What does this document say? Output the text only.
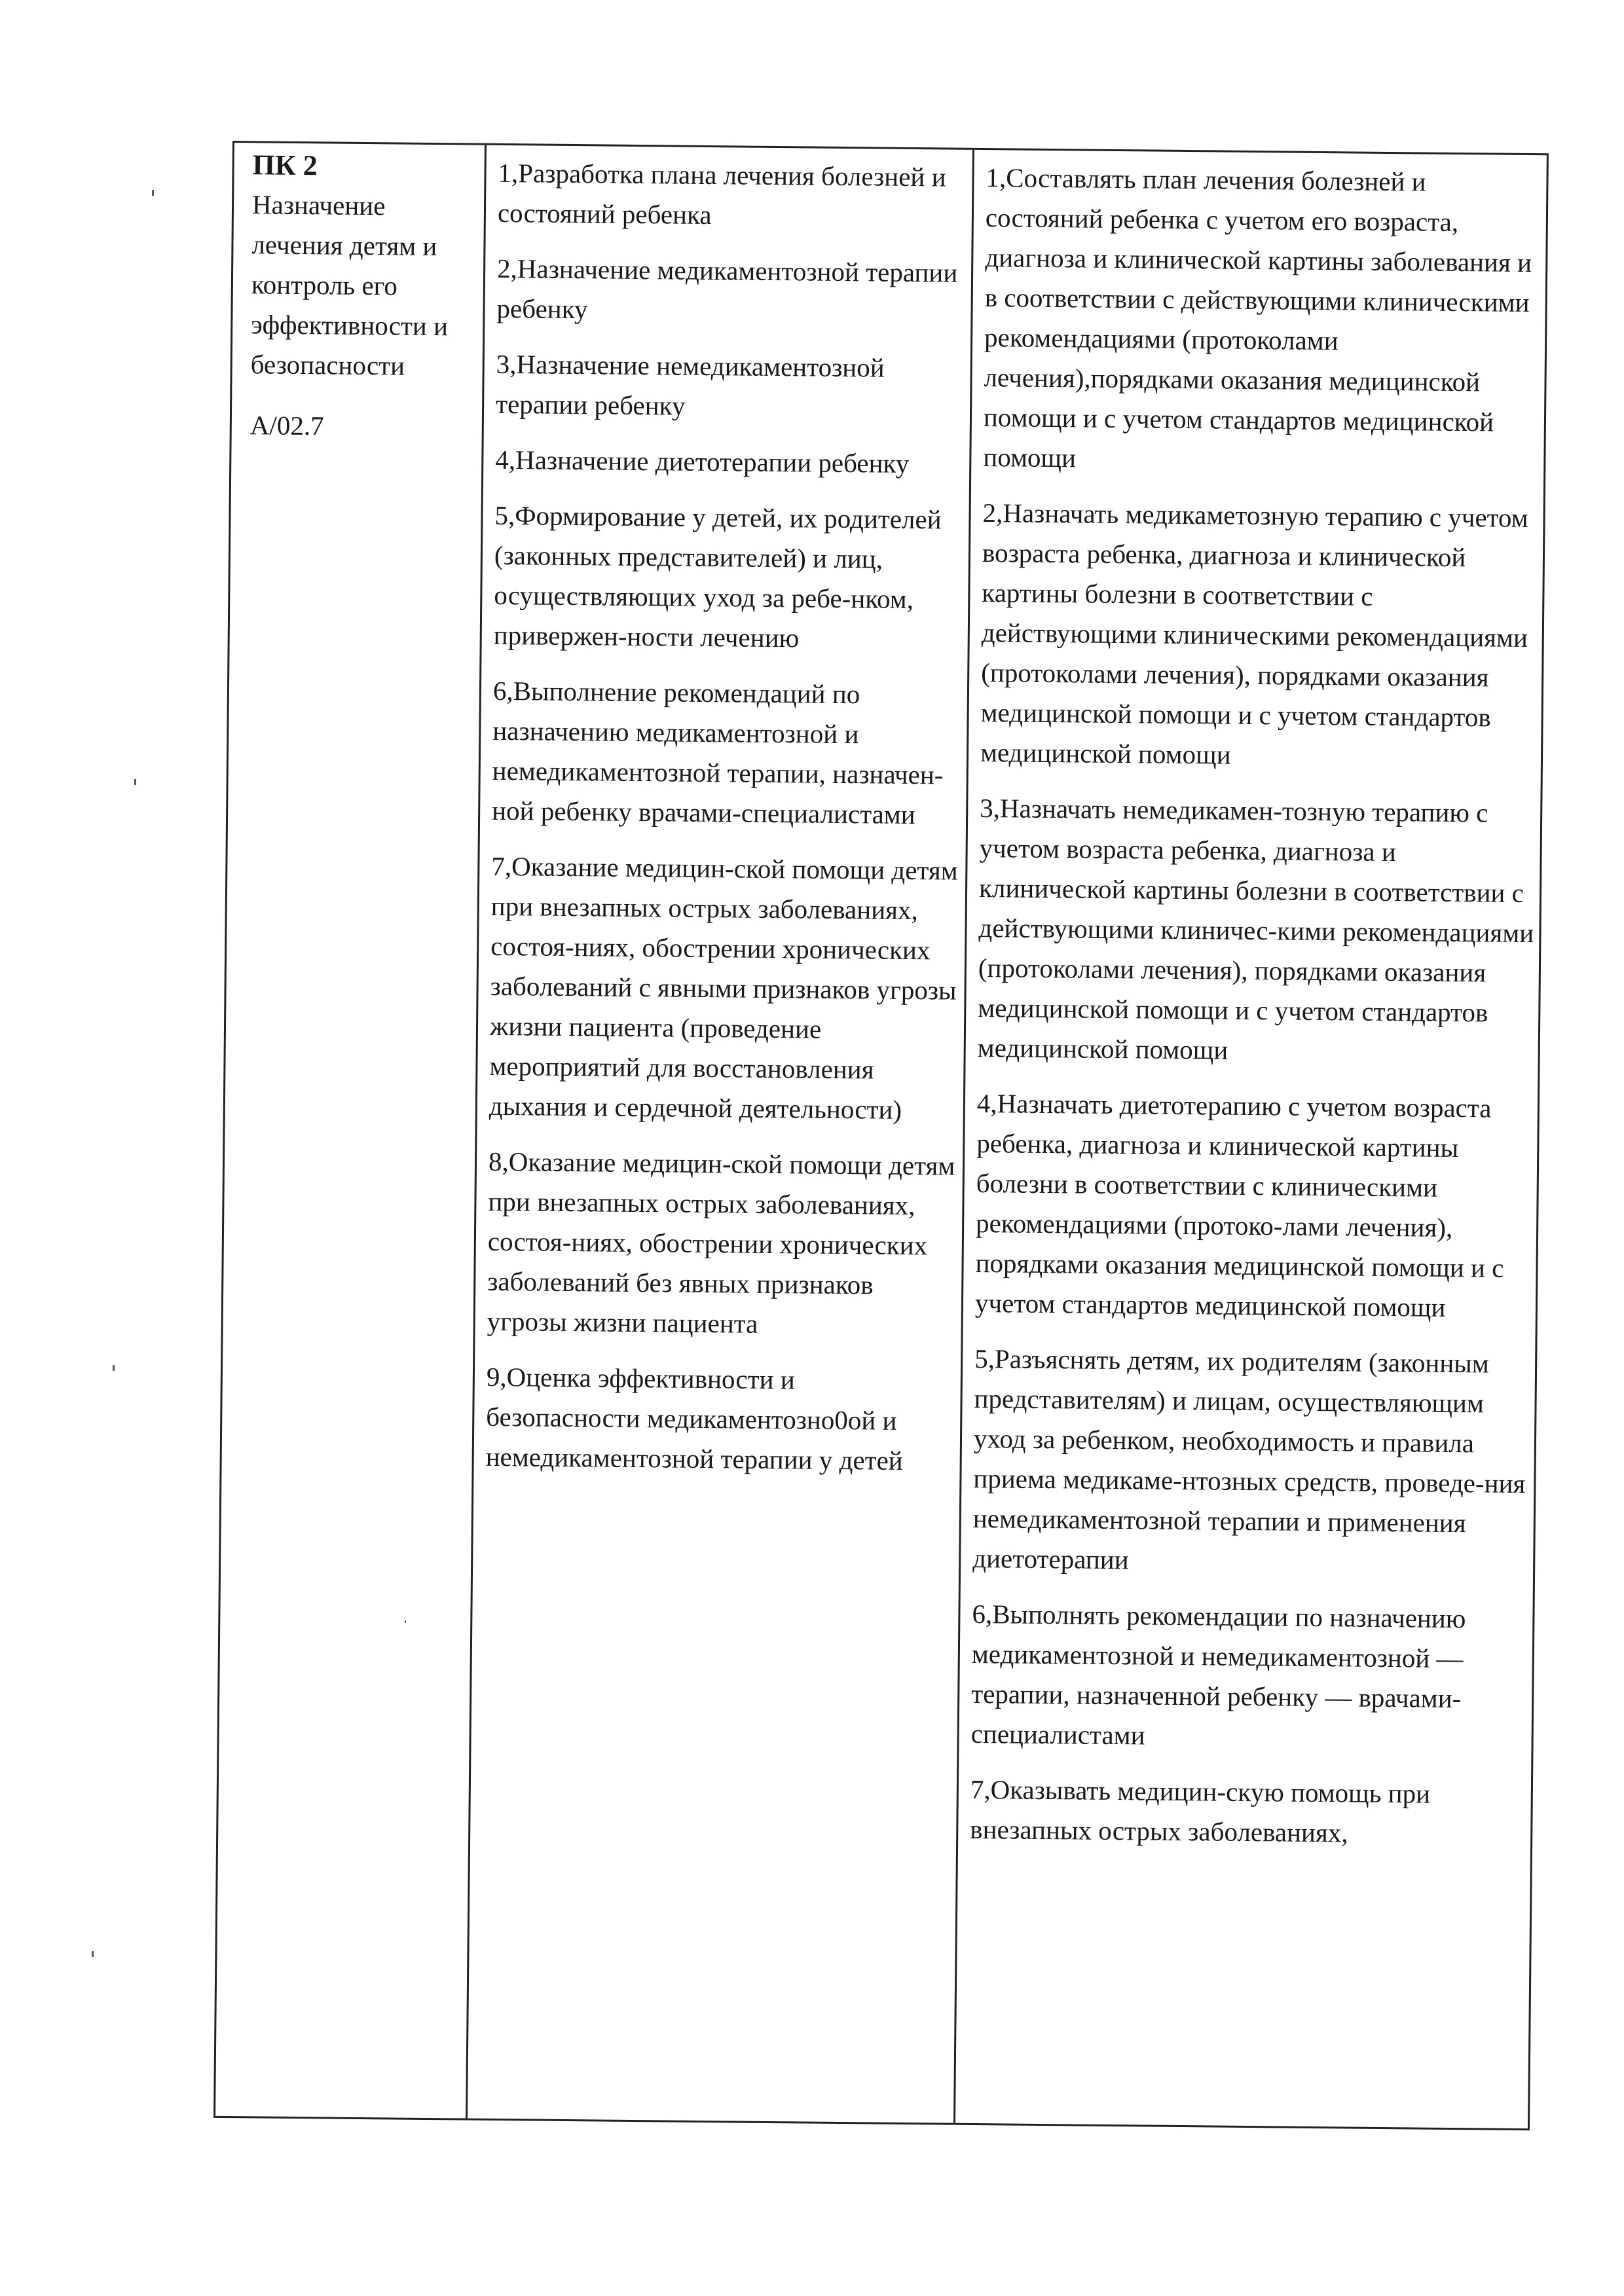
ПК 2

Назначение лечения детям и контроль его эффективности и безопасности

А/02.7

1,Разработка плана лечения болезней и состояний ребенка

2,Назначение медикаментозной терапии ребенку

3,Назначение немедикаментозной терапии ребенку

4,Назначение диетотерапии ребенку

5,Формирование у детей, их родителей (законных представителей) и лиц, осуществляющих уход за ребе-нком, привержен-ности лечению

6,Выполнение рекомендаций по назначению медикаментозной и немедикаментозной терапии, назначен-ной ребенку врачами-специалистами

7,Оказание медицин-ской помощи детям при внезапных острых заболеваниях, состоя-ниях, обострении хронических заболеваний с явными признаков угрозы жизни пациента (проведение мероприятий для восстановления дыхания и сердечной деятельности)

8,Оказание медицин-ской помощи детям при внезапных острых заболеваниях, состоя-ниях, обострении хронических заболеваний без явных признаков угрозы жизни пациента

9,Оценка эффективности и безопасности медикаментозно0ой и немедикаментозной терапии у детей

1,Составлять план лечения болезней и состояний ребенка с учетом его возраста, диагноза и клинической картины заболевания и в соответствии с действующими клиническими рекомендациями (протоколами лечения),порядками оказания медицинской помощи и с учетом стандартов медицинской помощи

2,Назначать медикаметозную терапию с учетом возраста ребенка, диагноза и клинической картины болезни в соответствии с действующими клиническими рекомендациями (протоколами лечения), порядками оказания медицинской помощи и с учетом стандартов медицинской помощи

3,Назначать немедикамен-тозную терапию с учетом возраста ребенка, диагноза и клинической картины болезни в соответствии с действующими клиничес-кими рекомендациями (протоколами лечения), порядками оказания медицинской помощи и с учетом стандартов медицинской помощи

4,Назначать диетотерапию с учетом возраста ребенка, диагноза и клинической картины болезни в соответствии с клиническими рекомендациями (протоко-лами лечения), порядками оказания медицинской помощи и с учетом стандартов медицинской помощи

5,Разъяснять детям, их родителям (законным представителям) и лицам, осуществляющим уход за ребенком, необходимость и правила приема медикаме-нтозных средств, проведе-ния немедикаментозной терапии и применения диетотерапии

6,Выполнять рекомендации по назначению медикаментозной и немедикаментозной — терапии, назначенной ребенку — врачами-специалистами

7,Оказывать медицин-скую помощь при внезапных острых заболеваниях,
